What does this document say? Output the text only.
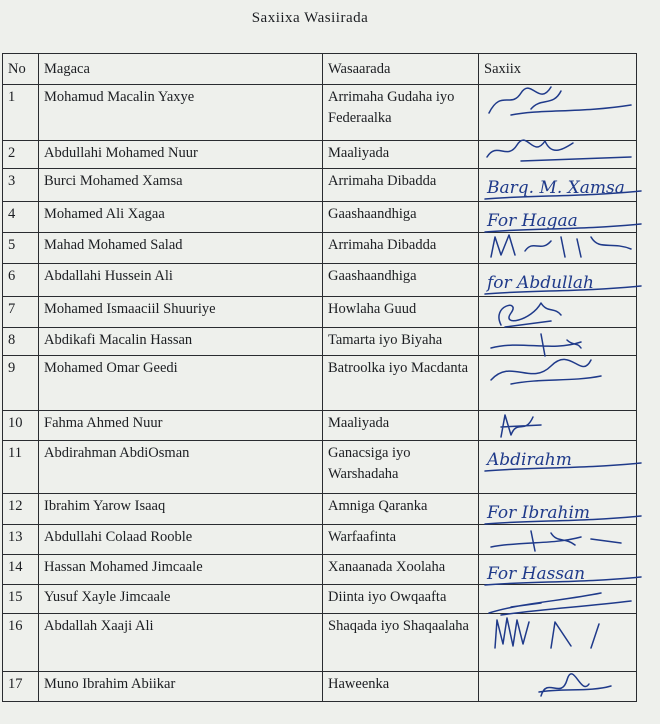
Saxiixa Wasiirada
No	Magaca	Wasaarada	Saxiix
1	Mohamud Macalin Yaxye	Arrimaha Gudaha iyo Federaalka	

2	Abdullahi Mohamed Nuur	Maaliyada	

3	Burci Mohamed Xamsa	Arrimaha Dibadda	Barq. M. Xamsa

4	Mohamed Ali Xagaa	Gaashaandhiga	For Hagaa

5	Mahad Mohamed Salad	Arrimaha Dibadda	

6	Abdallahi Hussein Ali	Gaashaandhiga	for Abdullah

7	Mohamed Ismaaciil Shuuriye	Howlaha Guud	

8	Abdikafi Macalin Hassan	Tamarta iyo Biyaha	

9	Mohamed Omar Geedi	Batroolka iyo Macdanta	

10	Fahma Ahmed Nuur	Maaliyada	

11	Abdirahman AbdiOsman	Ganacsiga iyo Warshadaha	Abdirahm

12	Ibrahim Yarow Isaaq	Amniga Qaranka	For Ibrahim

13	Abdullahi Colaad Rooble	Warfaafinta	

14	Hassan Mohamed Jimcaale	Xanaanada Xoolaha	For Hassan

15	Yusuf Xayle Jimcaale	Diinta iyo Owqaafta	

16	Abdallah Xaaji Ali	Shaqada iyo Shaqaalaha	

17	Muno Ibrahim Abiikar	Haweenka	
